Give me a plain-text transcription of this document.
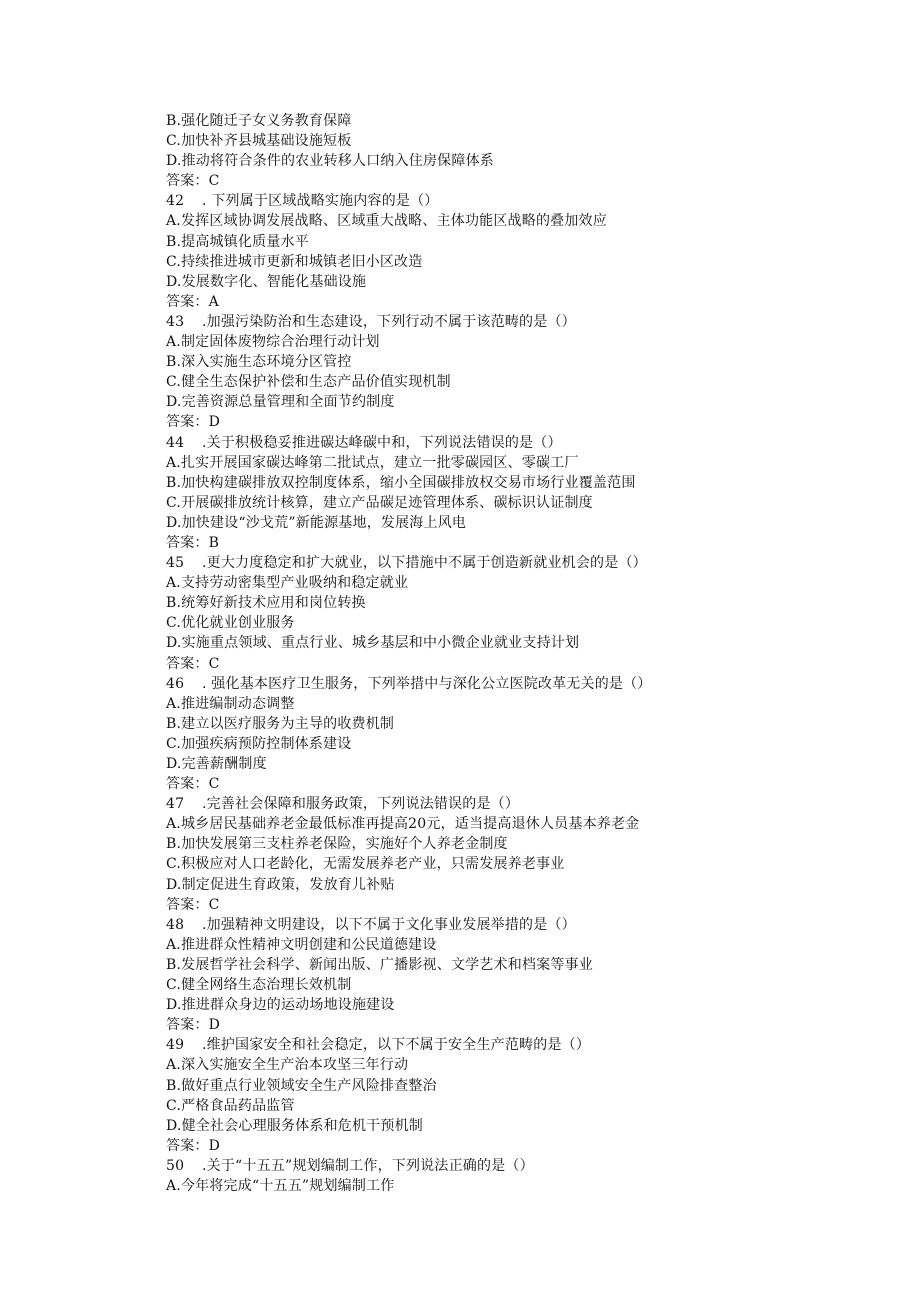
B.强化随迁子女义务教育保障
C.加快补齐县城基础设施短板
D.推动将符合条件的农业转移人口纳入住房保障体系
答案：C
42 . 下列属于区域战略实施内容的是（）
A.发挥区域协调发展战略、区域重大战略、主体功能区战略的叠加效应
B.提高城镇化质量水平
C.持续推进城市更新和城镇老旧小区改造
D.发展数字化、智能化基础设施
答案：A
43 .加强污染防治和生态建设，下列行动不属于该范畴的是（）
A.制定固体废物综合治理行动计划
B.深入实施生态环境分区管控
C.健全生态保护补偿和生态产品价值实现机制
D.完善资源总量管理和全面节约制度
答案：D
44 .关于积极稳妥推进碳达峰碳中和，下列说法错误的是（）
A.扎实开展国家碳达峰第二批试点，建立一批零碳园区、零碳工厂
B.加快构建碳排放双控制度体系，缩小全国碳排放权交易市场行业覆盖范围
C.开展碳排放统计核算，建立产品碳足迹管理体系、碳标识认证制度
D.加快建设“沙戈荒”新能源基地，发展海上风电
答案：B
45 .更大力度稳定和扩大就业，以下措施中不属于创造新就业机会的是（）
A.支持劳动密集型产业吸纳和稳定就业
B.统筹好新技术应用和岗位转换
C.优化就业创业服务
D.实施重点领域、重点行业、城乡基层和中小微企业就业支持计划
答案：C
46 . 强化基本医疗卫生服务，下列举措中与深化公立医院改革无关的是（）
A.推进编制动态调整
B.建立以医疗服务为主导的收费机制
C.加强疾病预防控制体系建设
D.完善薪酬制度
答案：C
47 .完善社会保障和服务政策，下列说法错误的是（）
A.城乡居民基础养老金最低标准再提高20元，适当提高退休人员基本养老金
B.加快发展第三支柱养老保险，实施好个人养老金制度
C.积极应对人口老龄化，无需发展养老产业，只需发展养老事业
D.制定促进生育政策，发放育儿补贴
答案：C
48 .加强精神文明建设，以下不属于文化事业发展举措的是（）
A.推进群众性精神文明创建和公民道德建设
B.发展哲学社会科学、新闻出版、广播影视、文学艺术和档案等事业
C.健全网络生态治理长效机制
D.推进群众身边的运动场地设施建设
答案：D
49 .维护国家安全和社会稳定，以下不属于安全生产范畴的是（）
A.深入实施安全生产治本攻坚三年行动
B.做好重点行业领域安全生产风险排查整治
C.严格食品药品监管
D.健全社会心理服务体系和危机干预机制
答案：D
50 .关于“十五五”规划编制工作，下列说法正确的是（）
A.今年将完成“十五五”规划编制工作
